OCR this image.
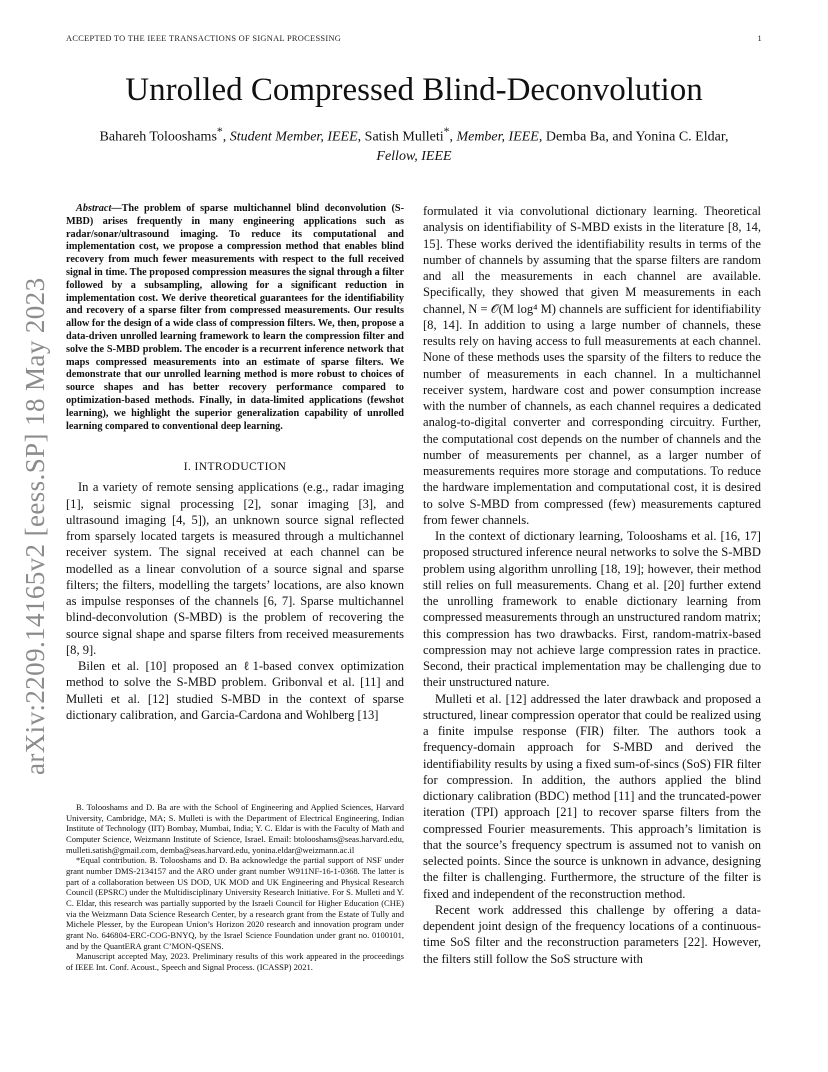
ACCEPTED TO THE IEEE TRANSACTIONS OF SIGNAL PROCESSING	1
arXiv:2209.14165v2 [eess.SP] 18 May 2023
Unrolled Compressed Blind-Deconvolution
Bahareh Tolooshams*, Student Member, IEEE, Satish Mulleti*, Member, IEEE, Demba Ba, and Yonina C. Eldar,
Fellow, IEEE

Abstract—The problem of sparse multichannel blind deconvolution (S-MBD) arises frequently in many engineering applications such as radar/sonar/ultrasound imaging. To reduce its computational and implementation cost, we propose a compression method that enables blind recovery from much fewer measurements with respect to the full received signal in time. The proposed compression measures the signal through a filter followed by a subsampling, allowing for a significant reduction in implementation cost. We derive theoretical guarantees for the identifiability and recovery of a sparse filter from compressed measurements. Our results allow for the design of a wide class of compression filters. We, then, propose a data-driven unrolled learning framework to learn the compression filter and solve the S-MBD problem. The encoder is a recurrent inference network that maps compressed measurements into an estimate of sparse filters. We demonstrate that our unrolled learning method is more robust to choices of source shapes and has better recovery performance compared to optimization-based methods. Finally, in data-limited applications (fewshot learning), we highlight the superior generalization capability of unrolled learning compared to conventional deep learning.

I. INTRODUCTION

In a variety of remote sensing applications (e.g., radar imaging [1], seismic signal processing [2], sonar imaging [3], and ultrasound imaging [4, 5]), an unknown source signal reflected from sparsely located targets is measured through a multichannel receiver system. The signal received at each channel can be modelled as a linear convolution of a source signal and sparse filters; the filters, modelling the targets’ locations, are also known as impulse responses of the channels [6, 7]. Sparse multichannel blind-deconvolution (S-MBD) is the problem of recovering the source signal shape and sparse filters from received measurements [8, 9].

Bilen et al. [10] proposed an ℓ1-based convex optimization method to solve the S-MBD problem. Gribonval et al. [11] and Mulleti et al. [12] studied S-MBD in the context of sparse dictionary calibration, and Garcia-Cardona and Wohlberg [13]

B. Tolooshams and D. Ba are with the School of Engineering and Applied Sciences, Harvard University, Cambridge, MA; S. Mulleti is with the Department of Electrical Engineering, Indian Institute of Technology (IIT) Bombay, Mumbai, India; Y. C. Eldar is with the Faculty of Math and Computer Science, Weizmann Institute of Science, Israel. Email: btolooshams@seas.harvard.edu, mulleti.satish@gmail.com, demba@seas.harvard.edu, yonina.eldar@weizmann.ac.il

*Equal contribution. B. Tolooshams and D. Ba acknowledge the partial support of NSF under grant number DMS-2134157 and the ARO under grant number W911NF-16-1-0368. The latter is part of a collaboration between US DOD, UK MOD and UK Engineering and Physical Research Council (EPSRC) under the Multidisciplinary University Research Initiative. For S. Mulleti and Y. C. Eldar, this research was partially supported by the Israeli Council for Higher Education (CHE) via the Weizmann Data Science Research Center, by a research grant from the Estate of Tully and Michele Plesser, by the European Union’s Horizon 2020 research and innovation program under grant No. 646804-ERC-COG-BNYQ, by the Israel Science Foundation under grant no. 0100101, and by the QuantERA grant C’MON-QSENS.

Manuscript accepted May, 2023. Preliminary results of this work appeared in the proceedings of IEEE Int. Conf. Acoust., Speech and Signal Process. (ICASSP) 2021.

formulated it via convolutional dictionary learning. Theoretical analysis on identifiability of S-MBD exists in the literature [8, 14, 15]. These works derived the identifiability results in terms of the number of channels by assuming that the sparse filters are random and all the measurements in each channel are available. Specifically, they showed that given M measurements in each channel, N = 𝒪(M log⁴ M) channels are sufficient for identifiability [8, 14]. In addition to using a large number of channels, these results rely on having access to full measurements at each channel. None of these methods uses the sparsity of the filters to reduce the number of measurements in each channel. In a multichannel receiver system, hardware cost and power consumption increase with the number of channels, as each channel requires a dedicated analog-to-digital converter and corresponding circuitry. Further, the computational cost depends on the number of channels and the number of measurements per channel, as a larger number of measurements requires more storage and computations. To reduce the hardware implementation and computational cost, it is desired to solve S-MBD from compressed (few) measurements captured from fewer channels.

In the context of dictionary learning, Tolooshams et al. [16, 17] proposed structured inference neural networks to solve the S-MBD problem using algorithm unrolling [18, 19]; however, their method still relies on full measurements. Chang et al. [20] further extend the unrolling framework to enable dictionary learning from compressed measurements through an unstructured random matrix; this compression has two drawbacks. First, random-matrix-based compression may not achieve large compression rates in practice. Second, their practical implementation may be challenging due to their unstructured nature.

Mulleti et al. [12] addressed the later drawback and proposed a structured, linear compression operator that could be realized using a finite impulse response (FIR) filter. The authors took a frequency-domain approach for S-MBD and derived the identifiability results by using a fixed sum-of-sincs (SoS) FIR filter for compression. In addition, the authors applied the blind dictionary calibration (BDC) method [11] and the truncated-power iteration (TPI) approach [21] to recover sparse filters from the compressed Fourier measurements. This approach’s limitation is that the source’s frequency spectrum is assumed not to vanish on selected points. Since the source is unknown in advance, designing the filter is challenging. Furthermore, the structure of the filter is fixed and independent of the reconstruction method.

Recent work addressed this challenge by offering a data-dependent joint design of the frequency locations of a continuous-time SoS filter and the reconstruction parameters [22]. However, the filters still follow the SoS structure with
